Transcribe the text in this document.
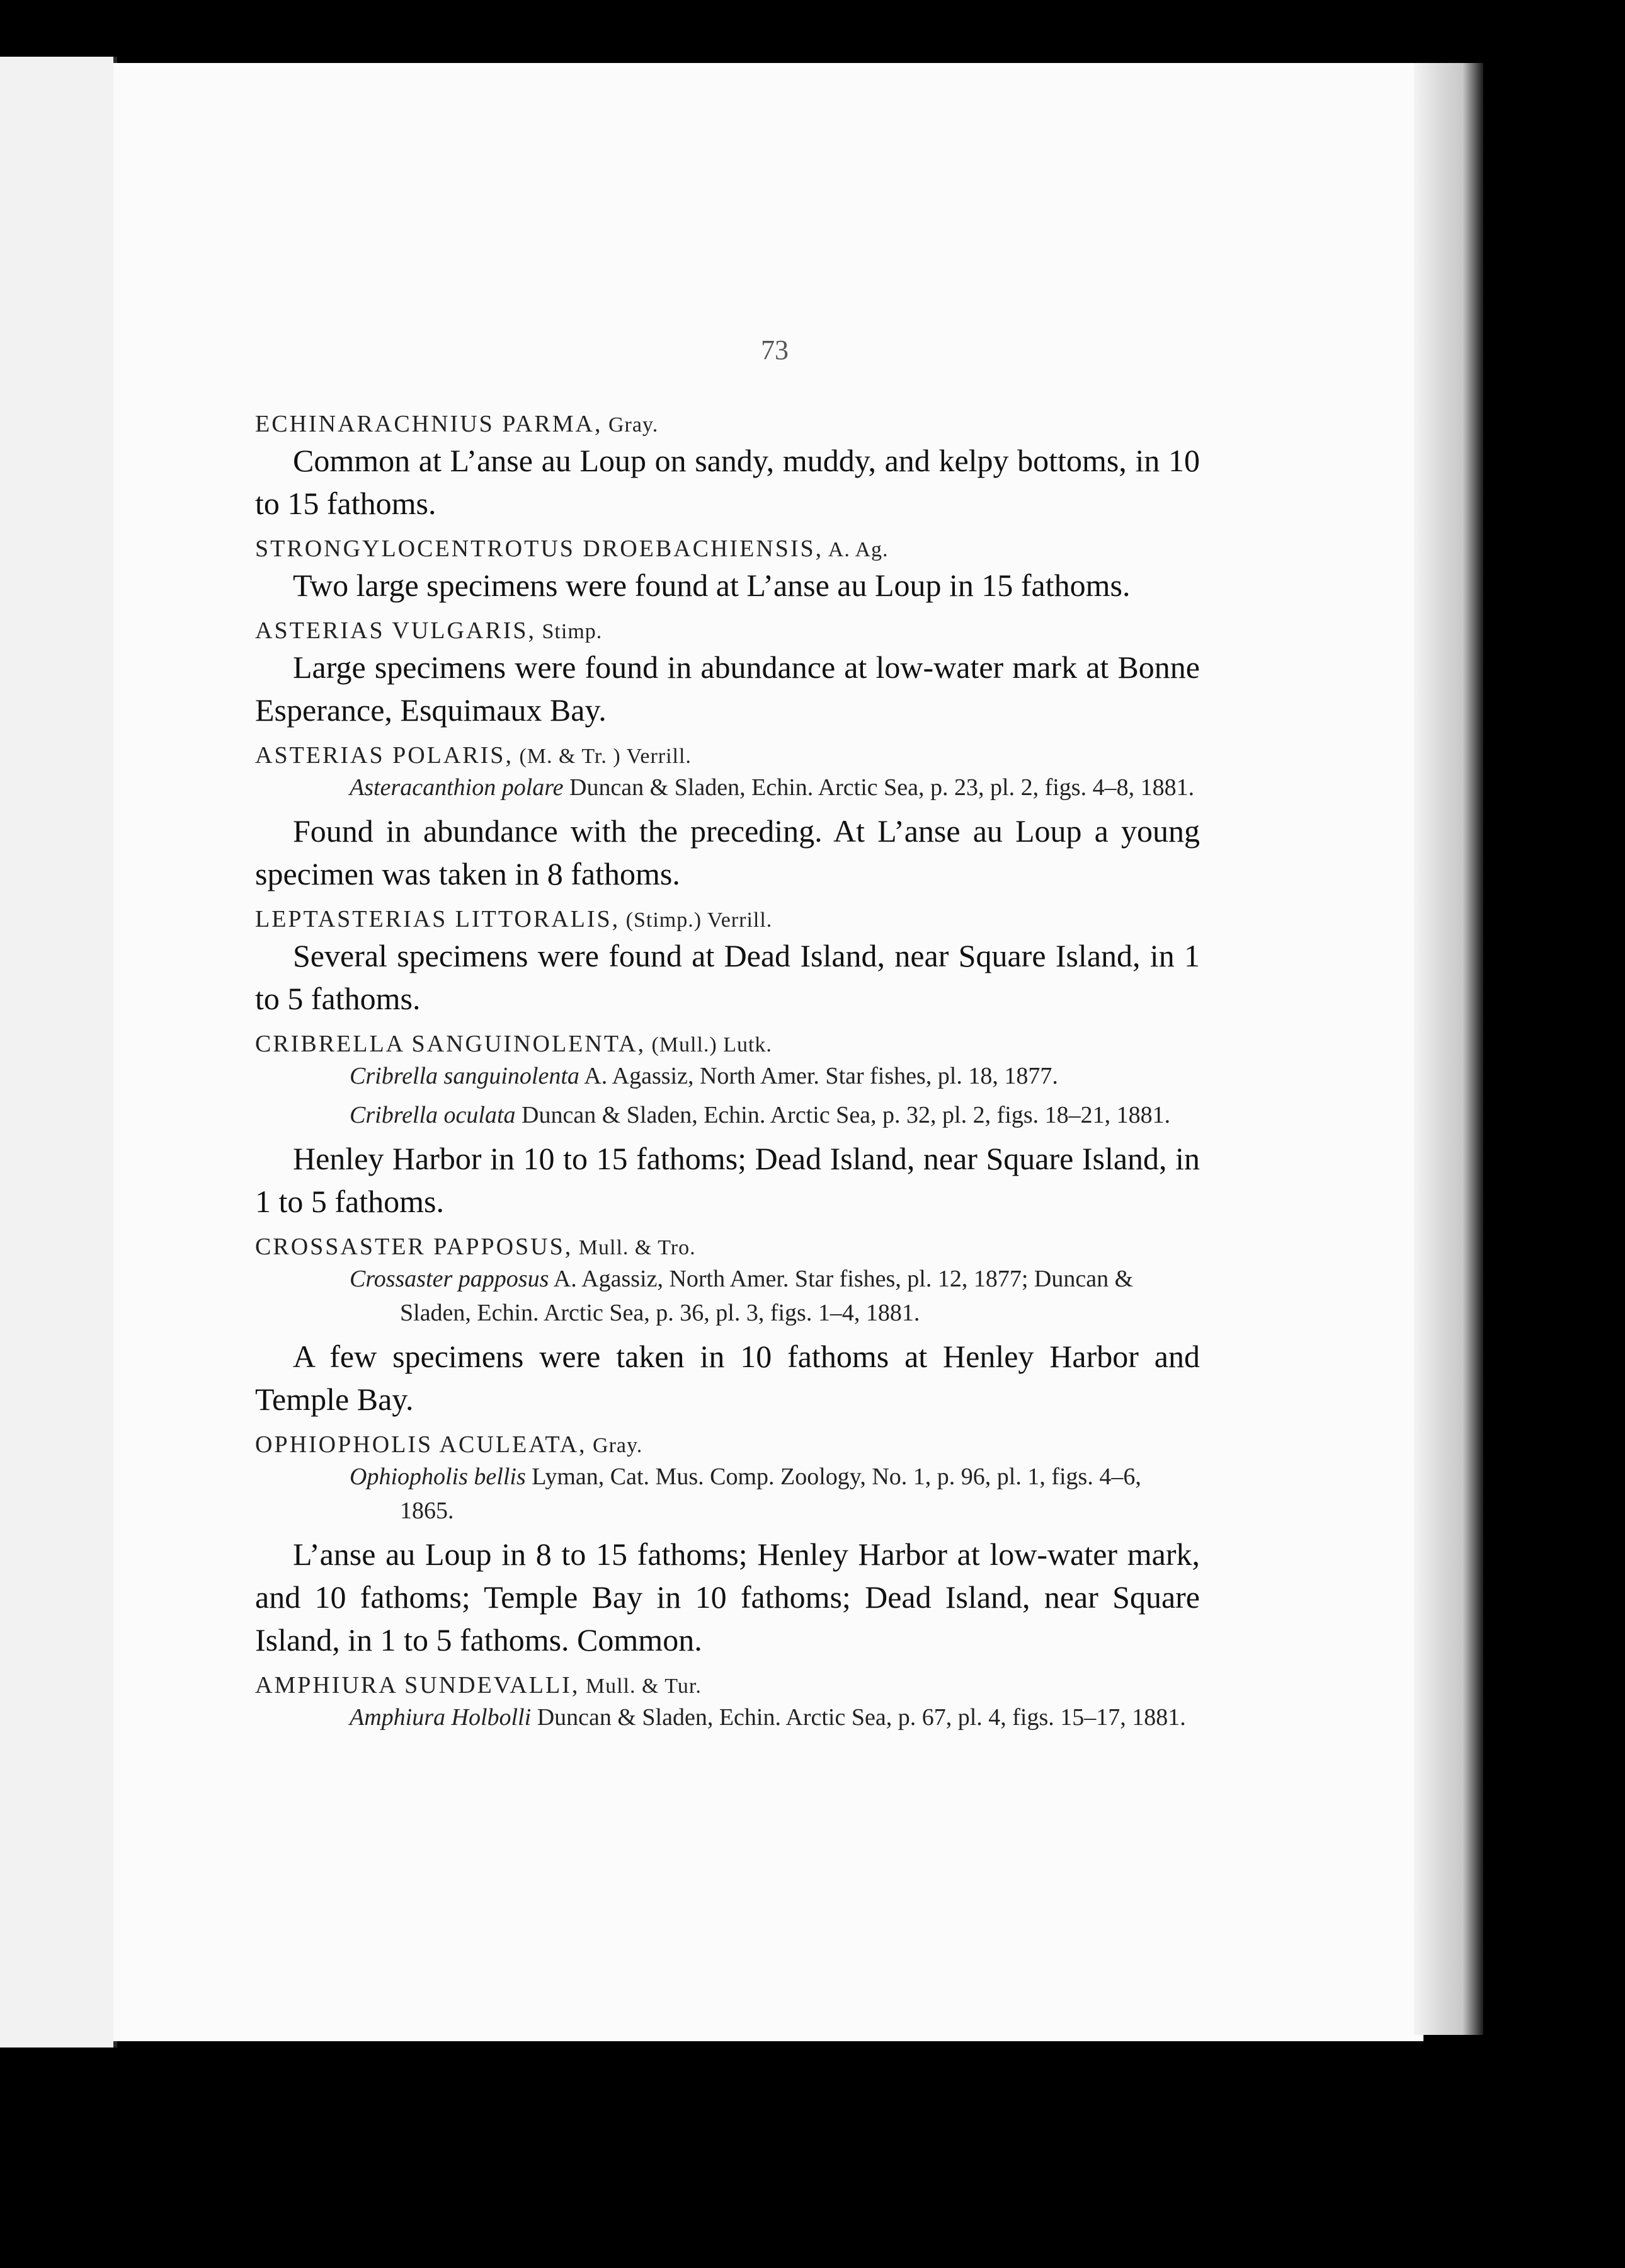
73
ECHINARACHNIUS PARMA, Gray.

Common at L’anse au Loup on sandy, muddy, and kelpy bottoms, in 10 to 15 fathoms.

STRONGYLOCENTROTUS DROEBACHIENSIS, A. Ag.

Two large specimens were found at L’anse au Loup in 15 fathoms.

ASTERIAS VULGARIS, Stimp.

Large specimens were found in abundance at low-water mark at Bonne Esperance, Esquimaux Bay.

ASTERIAS POLARIS, (M. & Tr. ) Verrill.
Asteracanthion polare Duncan & Sladen, Echin. Arctic Sea, p. 23, pl. 2, figs. 4–8, 1881.

Found in abundance with the preceding. At L’anse au Loup a young specimen was taken in 8 fathoms.

LEPTASTERIAS LITTORALIS, (Stimp.) Verrill.

Several specimens were found at Dead Island, near Square Island, in 1 to 5 fathoms.

CRIBRELLA SANGUINOLENTA, (Mull.) Lutk.
Cribrella sanguinolenta A. Agassiz, North Amer. Star fishes, pl. 18, 1877.
Cribrella oculata Duncan & Sladen, Echin. Arctic Sea, p. 32, pl. 2, figs. 18–21, 1881.

Henley Harbor in 10 to 15 fathoms; Dead Island, near Square Island, in 1 to 5 fathoms.

CROSSASTER PAPPOSUS, Mull. & Tro.
Crossaster papposus A. Agassiz, North Amer. Star fishes, pl. 12, 1877; Duncan & Sladen, Echin. Arctic Sea, p. 36, pl. 3, figs. 1–4, 1881.

A few specimens were taken in 10 fathoms at Henley Harbor and Temple Bay.

OPHIOPHOLIS ACULEATA, Gray.
Ophiopholis bellis Lyman, Cat. Mus. Comp. Zoology, No. 1, p. 96, pl. 1, figs. 4–6, 1865.

L’anse au Loup in 8 to 15 fathoms; Henley Harbor at low-water mark, and 10 fathoms; Temple Bay in 10 fathoms; Dead Island, near Square Island, in 1 to 5 fathoms. Common.

AMPHIURA SUNDEVALLI, Mull. & Tur.
Amphiura Holbolli Duncan & Sladen, Echin. Arctic Sea, p. 67, pl. 4, figs. 15–17, 1881.
